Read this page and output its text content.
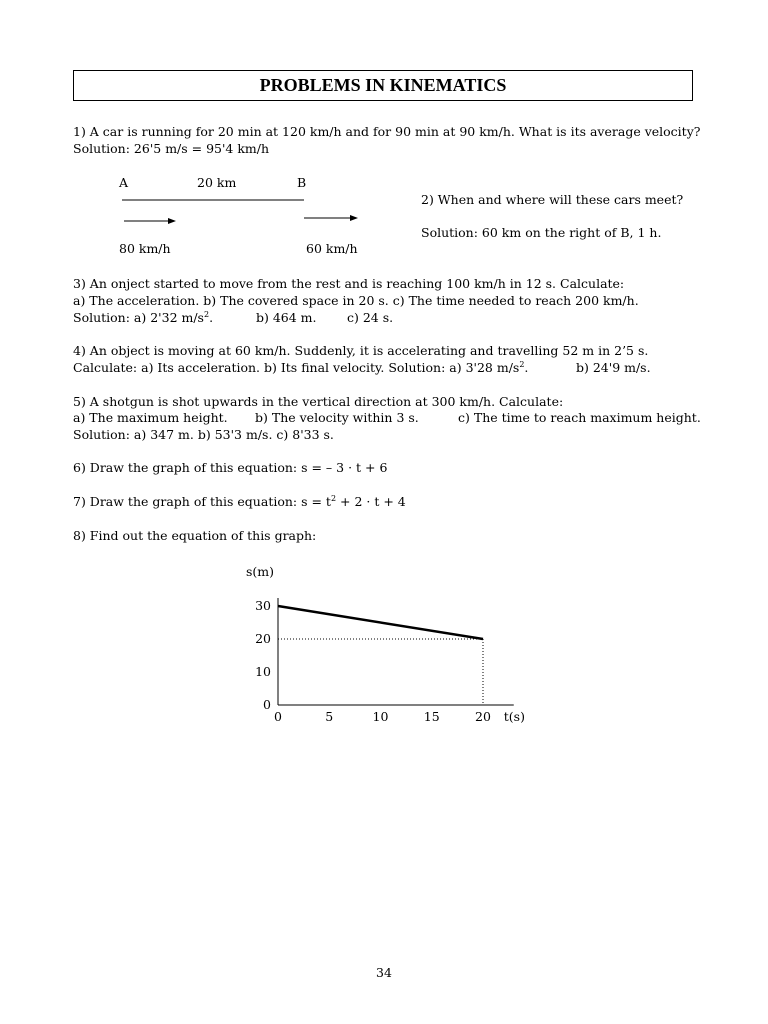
PROBLEMS IN KINEMATICS
1) A car is running for 20 min at 120 km/h and for 90 min at 90 km/h. What is its average velocity?
Solution: 26'5 m/s = 95'4 km/h
A	20 km	B
80 km/h	60 km/h
2) When and where will these cars meet?
Solution: 60 km on the right of B, 1 h.
3) An onject started to move from the rest and is reaching 100 km/h in 12 s. Calculate:
a) The acceleration. b) The covered space in 20 s. c) The time needed to reach 200 km/h.
Solution: a) 2'32 $m/s^2$.	b) 464 m. c) 24 s.
4) An object is moving at 60 km/h. Suddenly, it is accelerating and travelling 52 m in 2’5 s.
Calculate: a) Its acceleration. b) Its final velocity. Solution: a) 3'28 $m/s^2$.	b) 24'9 m/s.
5) A shotgun is shot upwards in the vertical direction at 300 km/h. Calculate:
a) The maximum height. b) The velocity within 3 s.	c) The time to reach maximum height.
Solution: a) 347 m. b) 53'3 m/s. c) 8'33 s.
6) Draw the graph of this equation: s = – 3 · t + 6
7) Draw the graph of this equation: $s = t^2 + 2 \cdot t + 4$
8) Find out the equation of this graph:
0	5	10	15	20
0
10
20
30
t(s)
s(m)
34
